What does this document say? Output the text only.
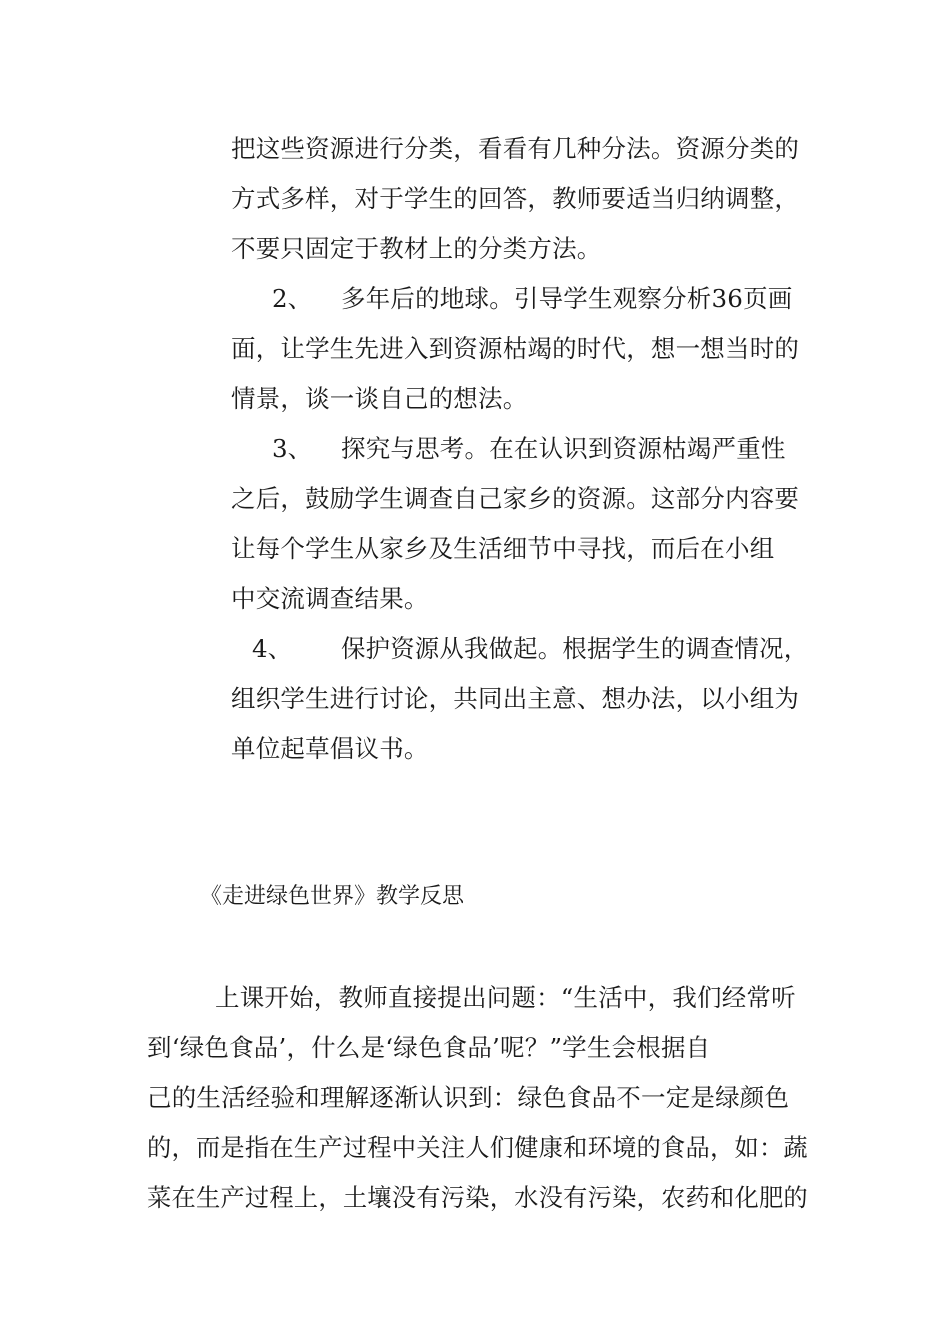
把这些资源进行分类，看看有几种分法。资源分类的
方式多样，对于学生的回答，教师要适当归纳调整，
不要只固定于教材上的分类方法。
2、 多年后的地球。引导学生观察分析36页画
面，让学生先进入到资源枯竭的时代，想一想当时的
情景，谈一谈自己的想法。
3、 探究与思考。在在认识到资源枯竭严重性
之后，鼓励学生调查自己家乡的资源。这部分内容要
让每个学生从家乡及生活细节中寻找，而后在小组
中交流调查结果。
4、 保护资源从我做起。根据学生的调查情况，
组织学生进行讨论，共同出主意、想办法，以小组为
单位起草倡议书。
《走进绿色世界》教学反思
上课开始，教师直接提出问题：“生活中，我们经常听
到‘绿色食品’，什么是‘绿色食品’呢？”学生会根据自
己的生活经验和理解逐渐认识到：绿色食品不一定是绿颜色
的，而是指在生产过程中关注人们健康和环境的食品，如：蔬
菜在生产过程上，土壤没有污染，水没有污染，农药和化肥的
